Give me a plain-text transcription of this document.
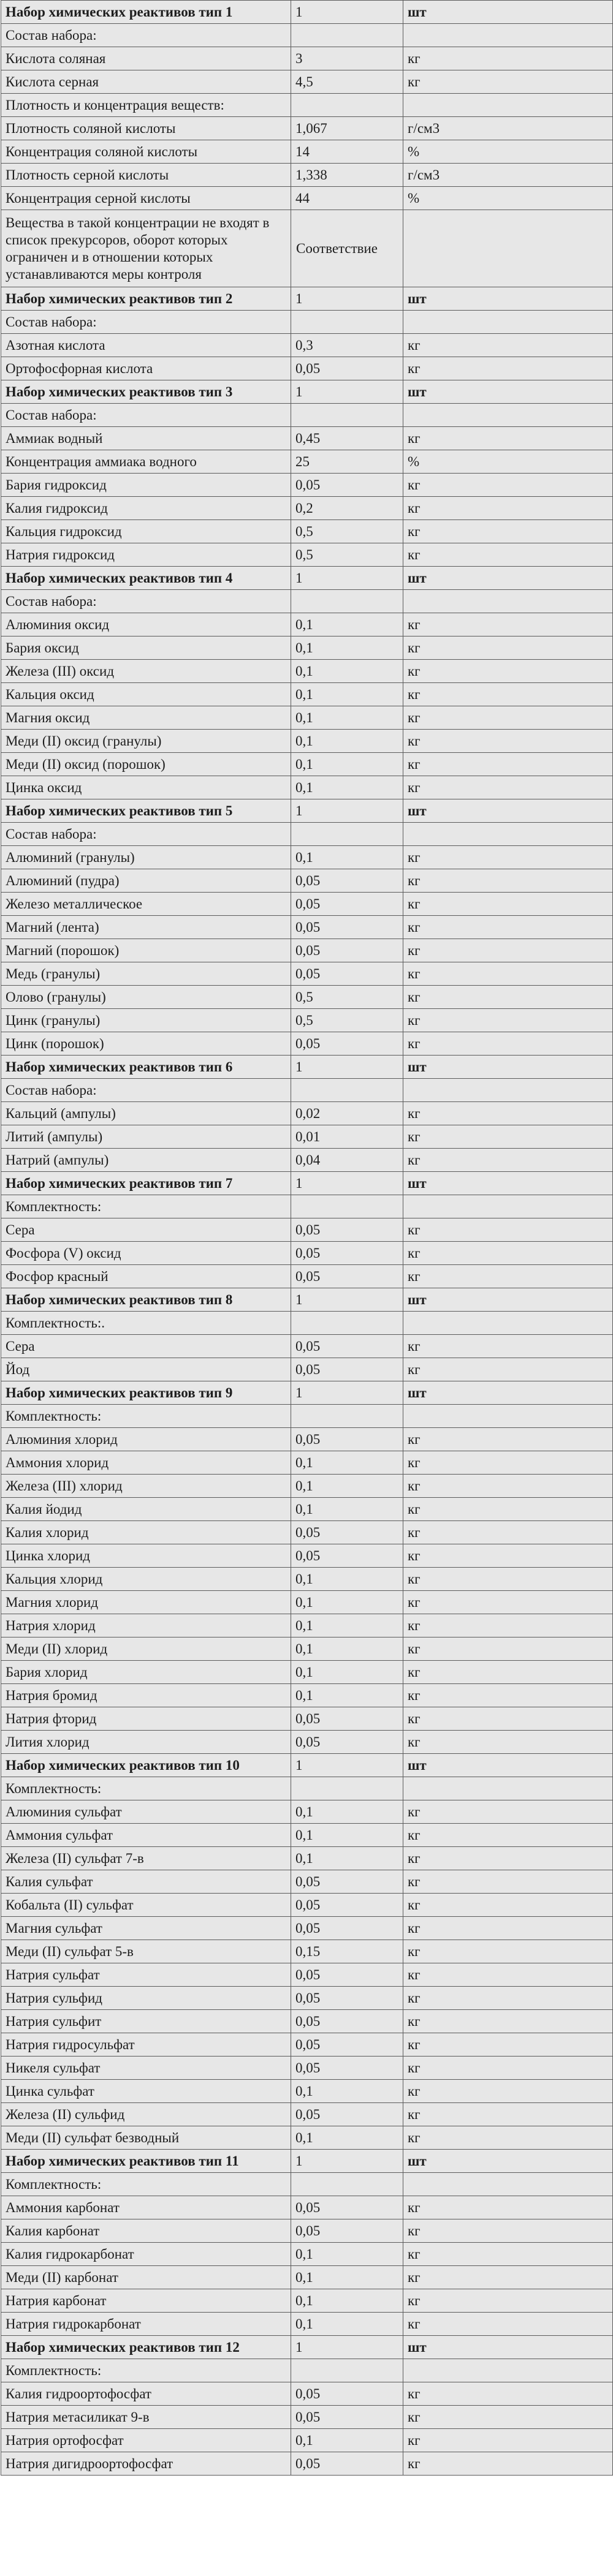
Набор химических реактивов тип 1	1	шт
Состав набора:		
Кислота соляная	3	кг
Кислота серная	4,5	кг
Плотность и концентрация веществ:		
Плотность соляной кислоты	1,067	г/см3
Концентрация соляной кислоты	14	%
Плотность серной кислоты	1,338	г/см3
Концентрация серной кислоты	44	%
Вещества в такой концентрации не входят в список прекурсоров, оборот которых ограничен и в отношении которых устанавливаются меры контроля	Соответствие	
Набор химических реактивов тип 2	1	шт
Состав набора:		
Азотная кислота	0,3	кг
Ортофосфорная кислота	0,05	кг
Набор химических реактивов тип 3	1	шт
Состав набора:		
Аммиак водный	0,45	кг
Концентрация аммиака водного	25	%
Бария гидроксид	0,05	кг
Калия гидроксид	0,2	кг
Кальция гидроксид	0,5	кг
Натрия гидроксид	0,5	кг
Набор химических реактивов тип 4	1	шт
Состав набора:		
Алюминия оксид	0,1	кг
Бария оксид	0,1	кг
Железа (III) оксид	0,1	кг
Кальция оксид	0,1	кг
Магния оксид	0,1	кг
Меди (II) оксид (гранулы)	0,1	кг
Меди (II) оксид (порошок)	0,1	кг
Цинка оксид	0,1	кг
Набор химических реактивов тип 5	1	шт
Состав набора:		
Алюминий (гранулы)	0,1	кг
Алюминий (пудра)	0,05	кг
Железо металлическое	0,05	кг
Магний (лента)	0,05	кг
Магний (порошок)	0,05	кг
Медь (гранулы)	0,05	кг
Олово (гранулы)	0,5	кг
Цинк (гранулы)	0,5	кг
Цинк (порошок)	0,05	кг
Набор химических реактивов тип 6	1	шт
Состав набора:		
Кальций (ампулы)	0,02	кг
Литий (ампулы)	0,01	кг
Натрий (ампулы)	0,04	кг
Набор химических реактивов тип 7	1	шт
Комплектность:		
Сера	0,05	кг
Фосфора (V) оксид	0,05	кг
Фосфор красный	0,05	кг
Набор химических реактивов тип 8	1	шт
Комплектность:.		
Сера	0,05	кг
Йод	0,05	кг
Набор химических реактивов тип 9	1	шт
Комплектность:		
Алюминия хлорид	0,05	кг
Аммония хлорид	0,1	кг
Железа (III) хлорид	0,1	кг
Калия йодид	0,1	кг
Калия хлорид	0,05	кг
Цинка хлорид	0,05	кг
Кальция хлорид	0,1	кг
Магния хлорид	0,1	кг
Натрия хлорид	0,1	кг
Меди (II) хлорид	0,1	кг
Бария хлорид	0,1	кг
Натрия бромид	0,1	кг
Натрия фторид	0,05	кг
Лития хлорид	0,05	кг
Набор химических реактивов тип 10	1	шт
Комплектность:		
Алюминия сульфат	0,1	кг
Аммония сульфат	0,1	кг
Железа (II) сульфат 7-в	0,1	кг
Калия сульфат	0,05	кг
Кобальта (II) сульфат	0,05	кг
Магния сульфат	0,05	кг
Меди (II) сульфат 5-в	0,15	кг
Натрия сульфат	0,05	кг
Натрия сульфид	0,05	кг
Натрия сульфит	0,05	кг
Натрия гидросульфат	0,05	кг
Никеля сульфат	0,05	кг
Цинка сульфат	0,1	кг
Железа (II) сульфид	0,05	кг
Меди (II) сульфат безводный	0,1	кг
Набор химических реактивов тип 11	1	шт
Комплектность:		
Аммония карбонат	0,05	кг
Калия карбонат	0,05	кг
Калия гидрокарбонат	0,1	кг
Меди (II) карбонат	0,1	кг
Натрия карбонат	0,1	кг
Натрия гидрокарбонат	0,1	кг
Набор химических реактивов тип 12	1	шт
Комплектность:		
Калия гидроортофосфат	0,05	кг
Натрия метасиликат 9-в	0,05	кг
Натрия ортофосфат	0,1	кг
Натрия дигидроортофосфат	0,05	кг
